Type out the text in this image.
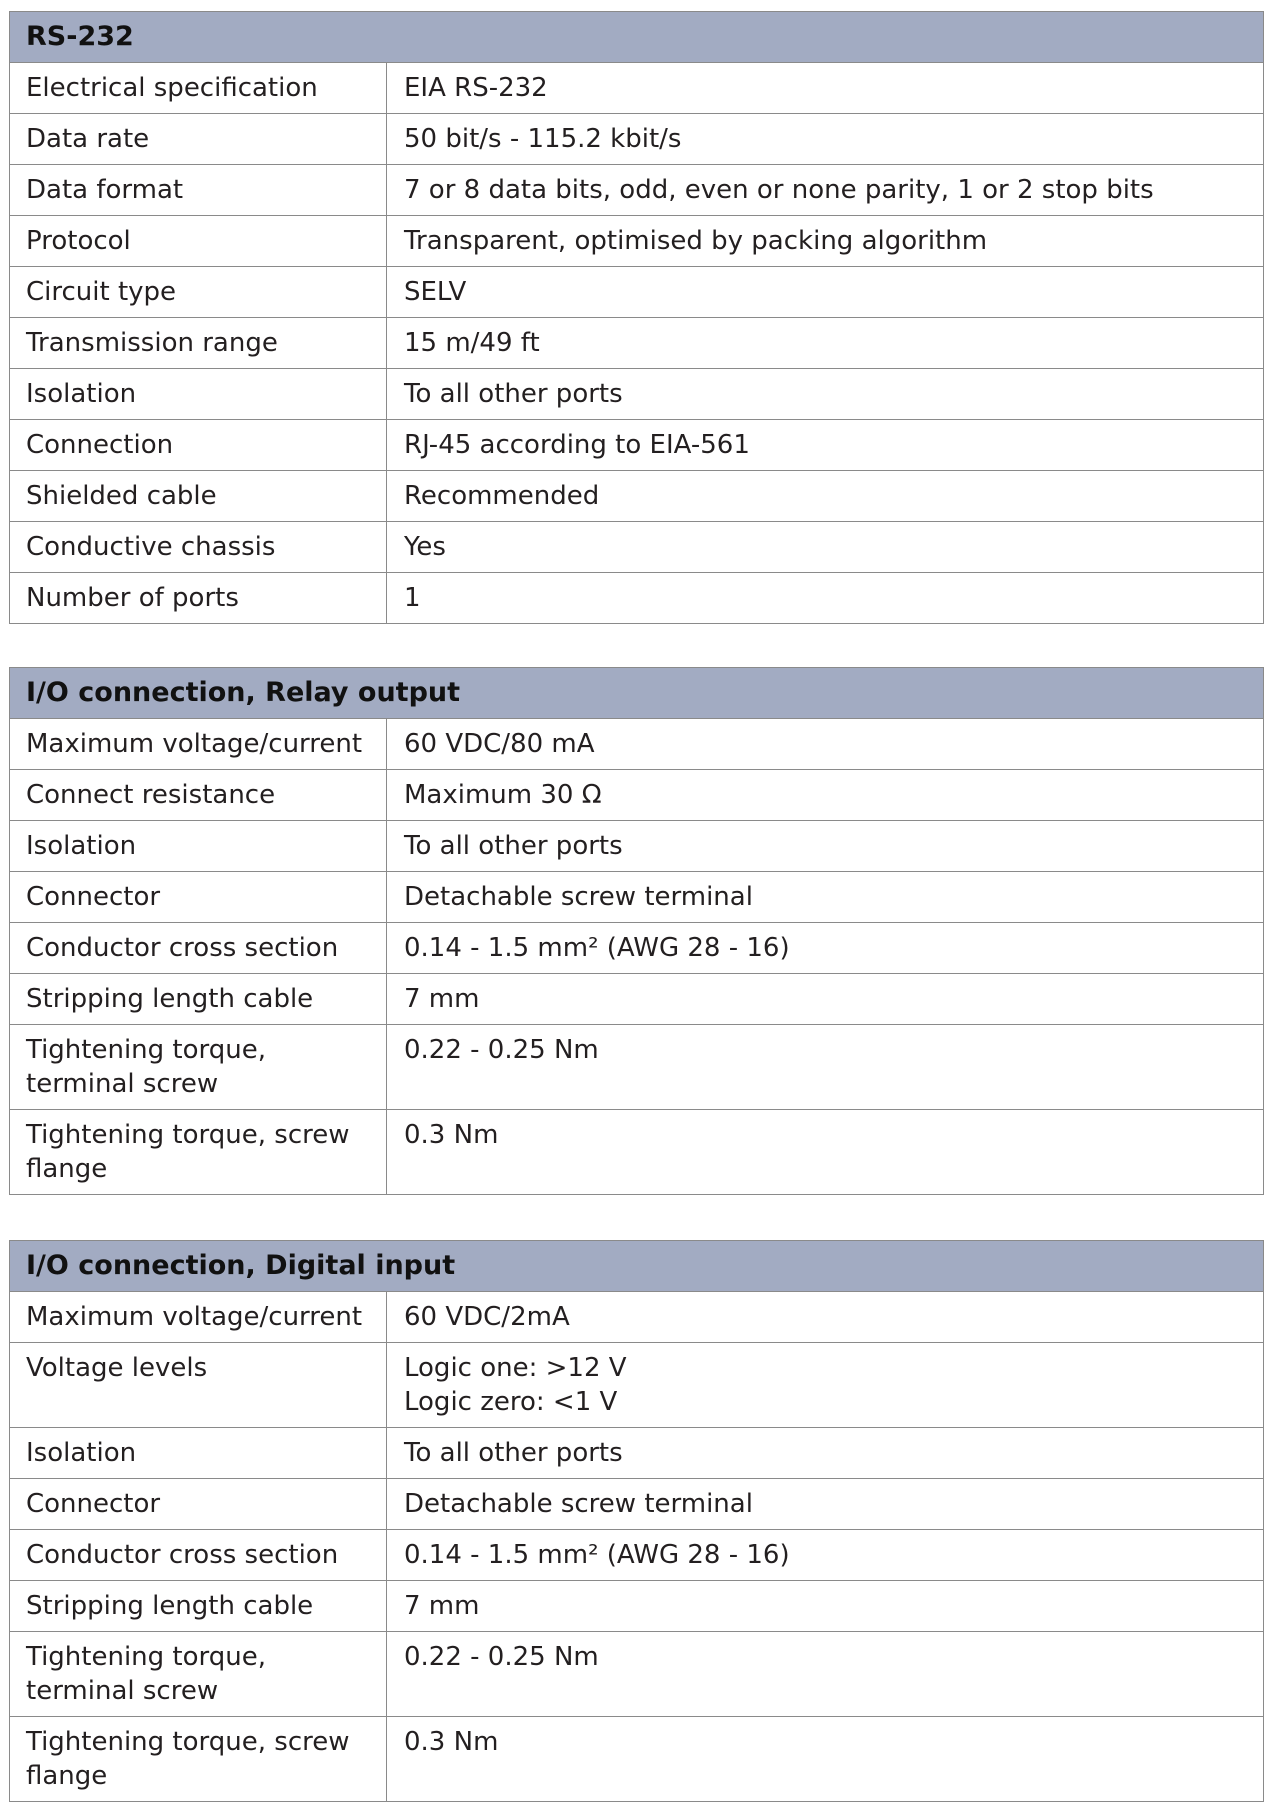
RS-232	
Electrical specification	EIA RS-232
Data rate	50 bit/s - 115.2 kbit/s
Data format	7 or 8 data bits, odd, even or none parity, 1 or 2 stop bits
Protocol	Transparent, optimised by packing algorithm
Circuit type	SELV
Transmission range	15 m/49 ft
Isolation	To all other ports
Connection	RJ-45 according to EIA-561
Shielded cable	Recommended
Conductive chassis	Yes
Number of ports	1
I/O connection, Relay output	
Maximum voltage/current	60 VDC/80 mA
Connect resistance	Maximum 30 Ω
Isolation	To all other ports
Connector	Detachable screw terminal
Conductor cross section	0.14 - 1.5 mm² (AWG 28 - 16)
Stripping length cable	7 mm
Tightening torque, terminal screw	0.22 - 0.25 Nm
Tightening torque, screw flange	0.3 Nm
I/O connection, Digital input	
Maximum voltage/current	60 VDC/2mA
Voltage levels	Logic one: >12 V
Logic zero: <1 V

Isolation	To all other ports
Connector	Detachable screw terminal
Conductor cross section	0.14 - 1.5 mm² (AWG 28 - 16)
Stripping length cable	7 mm
Tightening torque, terminal screw	0.22 - 0.25 Nm
Tightening torque, screw flange	0.3 Nm
